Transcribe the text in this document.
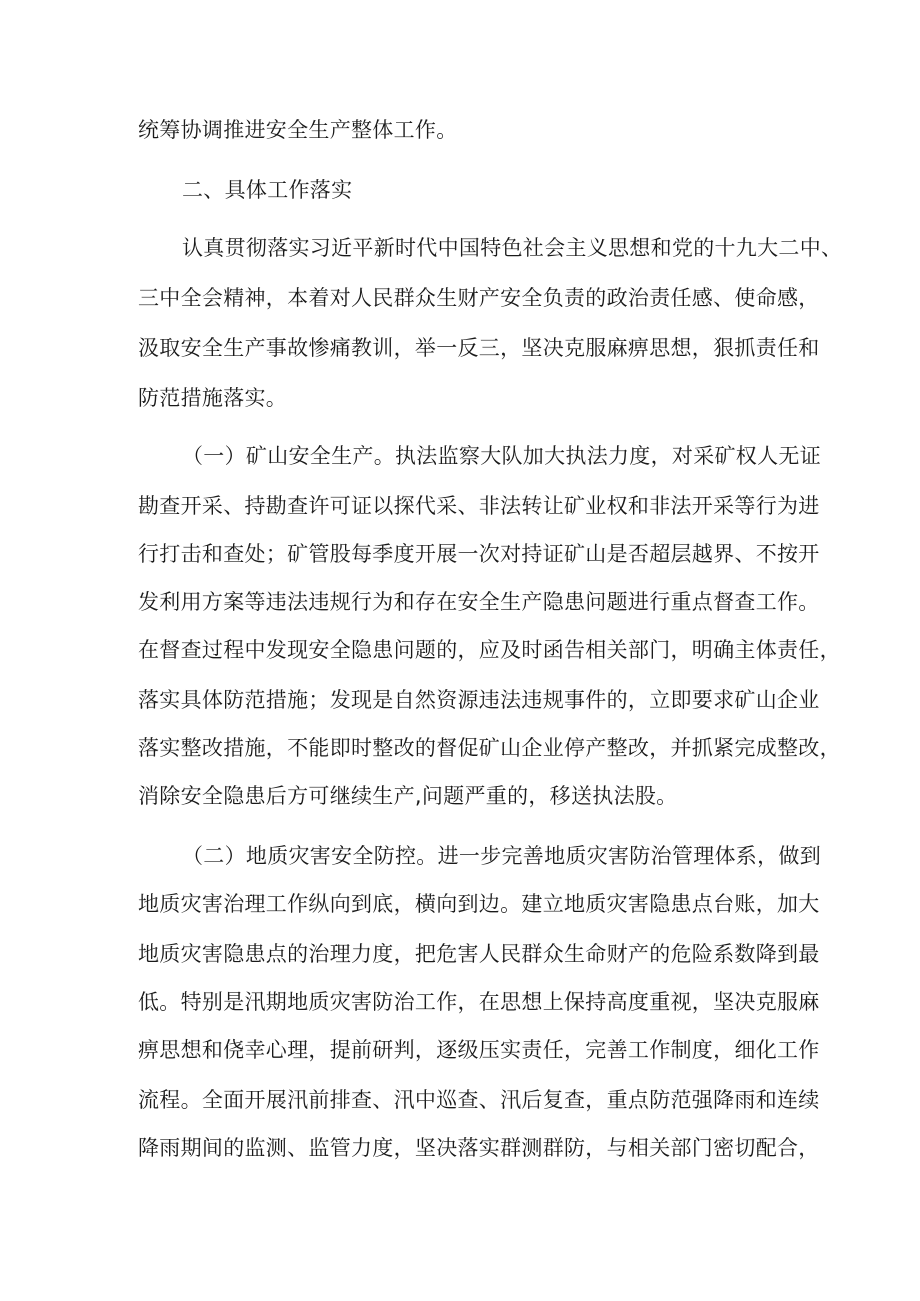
统筹协调推进安全生产整体工作。

二、具体工作落实

认真贯彻落实习近平新时代中国特色社会主义思想和党的十九大二中、

三中全会精神，本着对人民群众生财产安全负责的政治责任感、使命感，

汲取安全生产事故惨痛教训，举一反三，坚决克服麻痹思想，狠抓责任和

防范措施落实。

（一）矿山安全生产。执法监察大队加大执法力度，对采矿权人无证

勘查开采、持勘查许可证以探代采、非法转让矿业权和非法开采等行为进

行打击和查处；矿管股每季度开展一次对持证矿山是否超层越界、不按开

发利用方案等违法违规行为和存在安全生产隐患问题进行重点督查工作。

在督查过程中发现安全隐患问题的，应及时函告相关部门，明确主体责任，

落实具体防范措施；发现是自然资源违法违规事件的，立即要求矿山企业

落实整改措施，不能即时整改的督促矿山企业停产整改，并抓紧完成整改，

消除安全隐患后方可继续生产,问题严重的，移送执法股。

（二）地质灾害安全防控。进一步完善地质灾害防治管理体系，做到

地质灾害治理工作纵向到底，横向到边。建立地质灾害隐患点台账，加大

地质灾害隐患点的治理力度，把危害人民群众生命财产的危险系数降到最

低。特别是汛期地质灾害防治工作，在思想上保持高度重视，坚决克服麻

痹思想和侥幸心理，提前研判，逐级压实责任，完善工作制度，细化工作

流程。全面开展汛前排查、汛中巡查、汛后复查，重点防范强降雨和连续

降雨期间的监测、监管力度，坚决落实群测群防，与相关部门密切配合，
